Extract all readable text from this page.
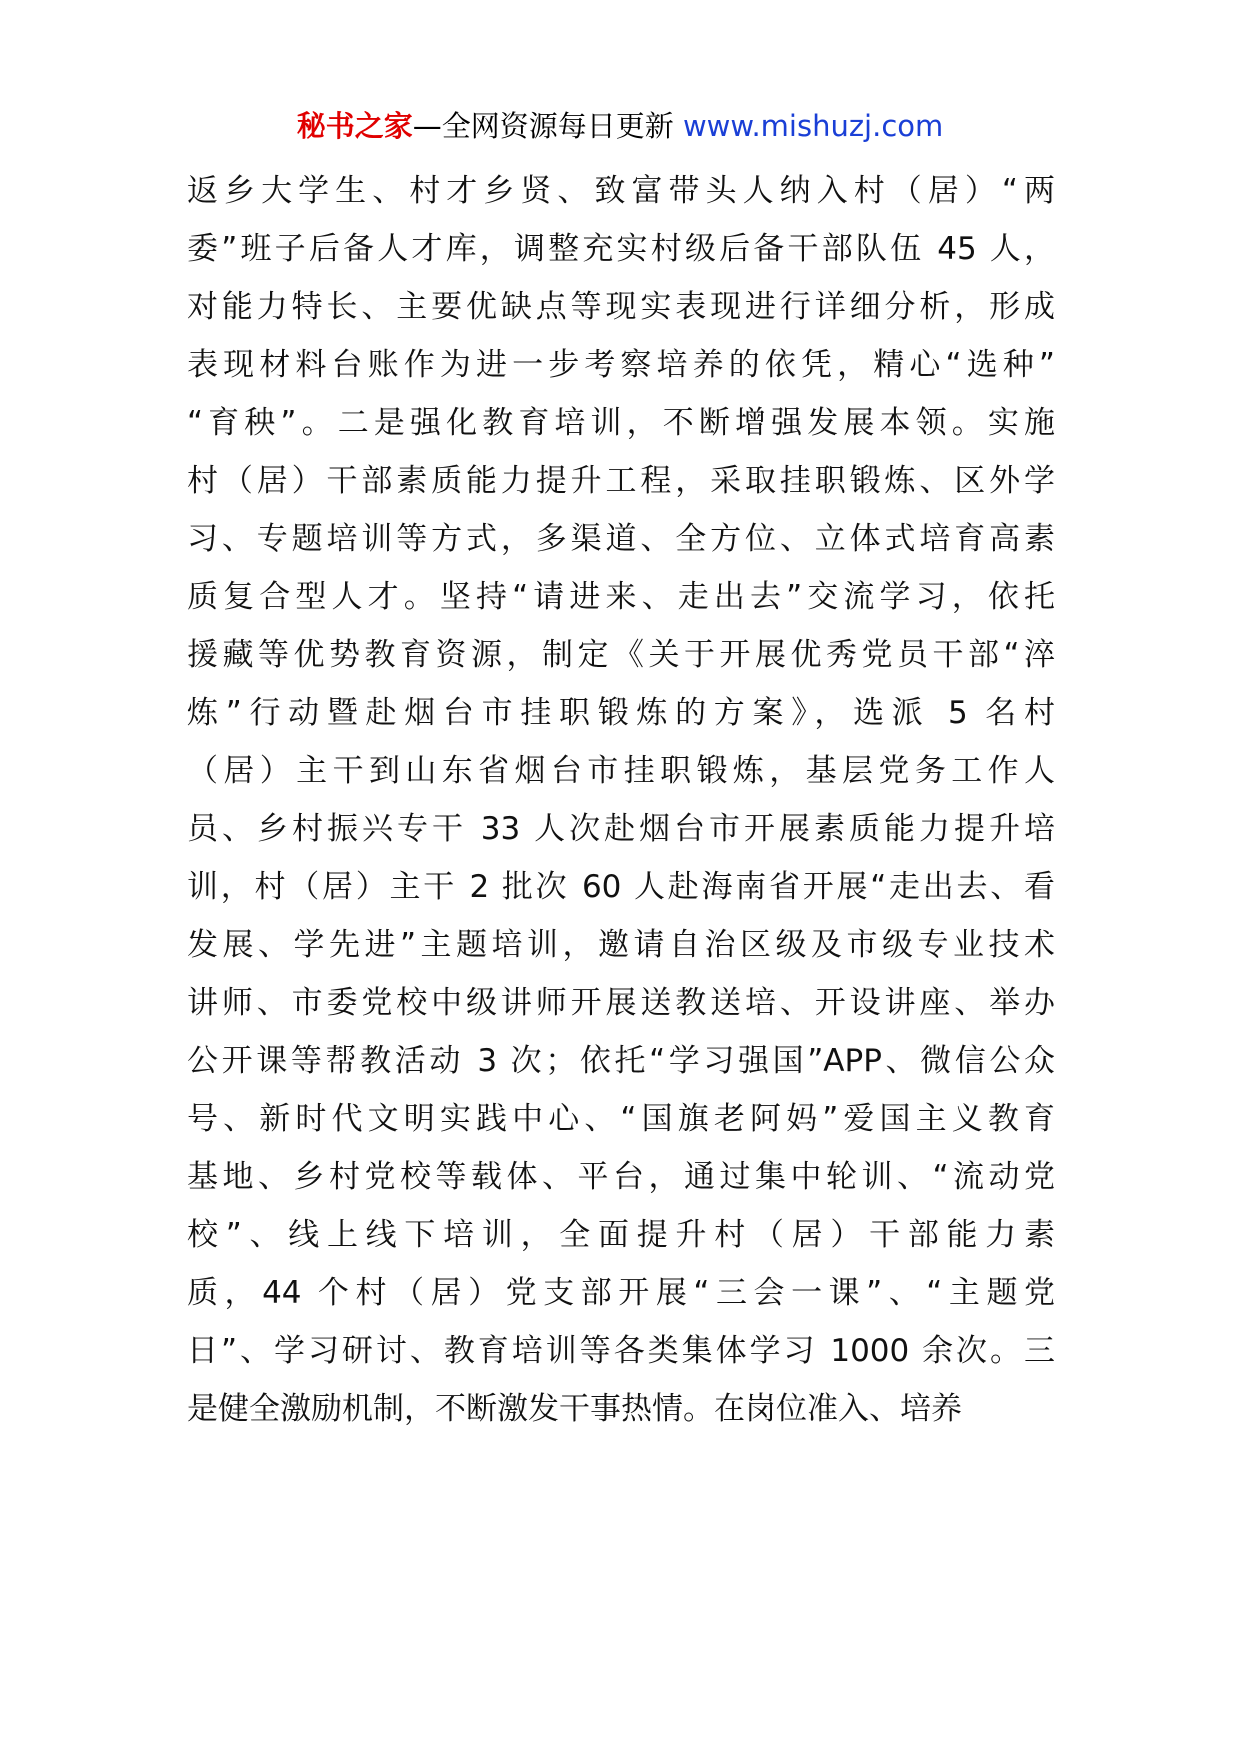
秘书之家—全网资源每日更新 www.mishuzj.com
返乡大学生、村才乡贤、致富带头人纳入村（居）“两
委”班子后备人才库，调整充实村级后备干部队伍 45 人，
对能力特长、主要优缺点等现实表现进行详细分析，形成
表现材料台账作为进一步考察培养的依凭，精心“选种”
“育秧”。二是强化教育培训，不断增强发展本领。实施
村（居）干部素质能力提升工程，采取挂职锻炼、区外学
习、专题培训等方式，多渠道、全方位、立体式培育高素
质复合型人才。坚持“请进来、走出去”交流学习，依托
援藏等优势教育资源，制定《关于开展优秀党员干部“淬
炼”行动暨赴烟台市挂职锻炼的方案》，选派 5 名村
（居）主干到山东省烟台市挂职锻炼，基层党务工作人
员、乡村振兴专干 33 人次赴烟台市开展素质能力提升培
训，村（居）主干 2 批次 60 人赴海南省开展“走出去、看
发展、学先进”主题培训，邀请自治区级及市级专业技术
讲师、市委党校中级讲师开展送教送培、开设讲座、举办
公开课等帮教活动 3 次；依托“学习强国”APP、微信公众
号、新时代文明实践中心、“国旗老阿妈”爱国主义教育
基地、乡村党校等载体、平台，通过集中轮训、“流动党
校”、线上线下培训，全面提升村（居）干部能力素
质，44 个村（居）党支部开展“三会一课”、“主题党
日”、学习研讨、教育培训等各类集体学习 1000 余次。三
是健全激励机制，不断激发干事热情。在岗位准入、培养
